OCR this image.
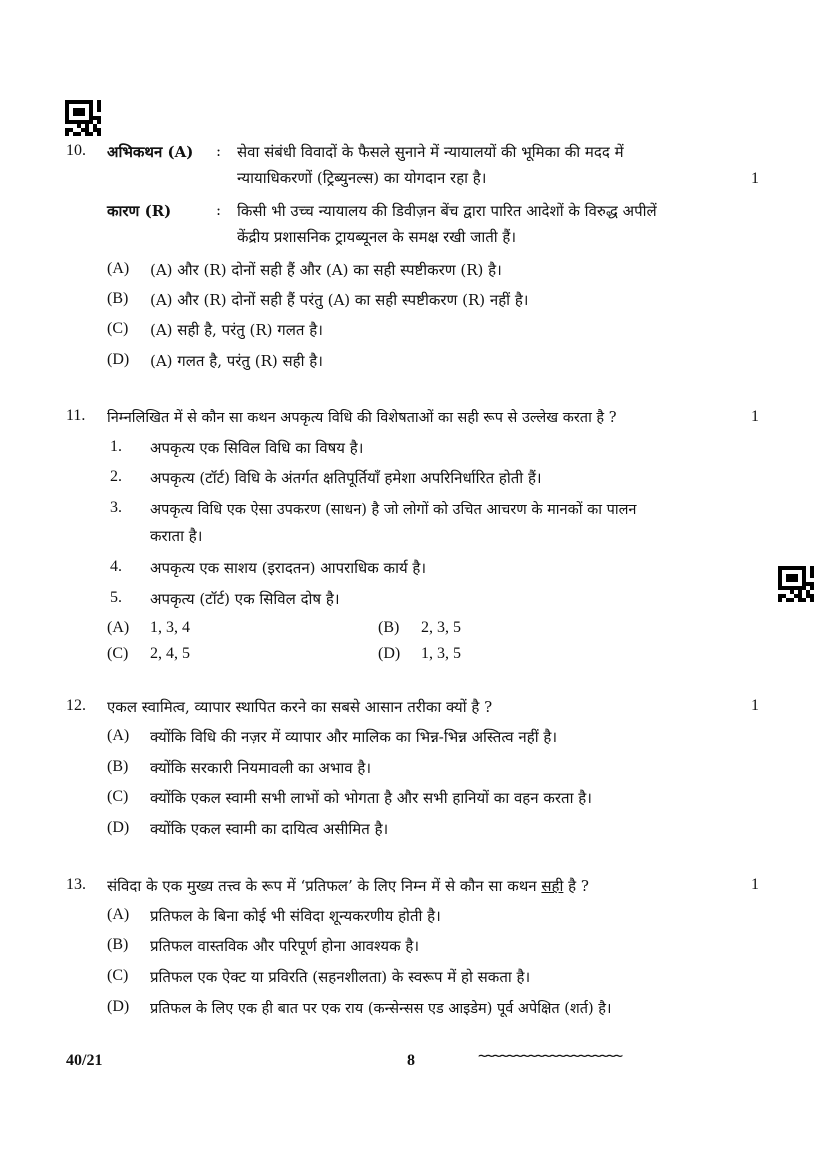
10. अभिकथन (A) : सेवा संबंधी विवादों के फैसले सुनाने में न्यायालयों की भूमिका की मदद में
न्यायाधिकरणों (ट्रिब्युनल्स) का योगदान रहा है।	1
कारण (R)	: किसी भी उच्च न्यायालय की डिवीज़न बेंच द्वारा पारित आदेशों के विरुद्ध अपीलें
केंद्रीय प्रशासनिक ट्रायब्यूनल के समक्ष रखी जाती हैं।
(A) (A) और (R) दोनों सही हैं और (A) का सही स्पष्टीकरण (R) है।
(B) (A) और (R) दोनों सही हैं परंतु (A) का सही स्पष्टीकरण (R) नहीं है।
(C) (A) सही है, परंतु (R) गलत है।
(D) (A) गलत है, परंतु (R) सही है।
11. निम्नलिखित में से कौन सा कथन अपकृत्य विधि की विशेषताओं का सही रूप से उल्लेख करता है ?	1
1. अपकृत्य एक सिविल विधि का विषय है।
2. अपकृत्य (टॉर्ट) विधि के अंतर्गत क्षतिपूर्तियाँ हमेशा अपरिनिर्धारित होती हैं।
3. अपकृत्य विधि एक ऐसा उपकरण (साधन) है जो लोगों को उचित आचरण के मानकों का पालन
कराता है।
4. अपकृत्य एक साशय (इरादतन) आपराधिक कार्य है।
5. अपकृत्य (टॉर्ट) एक सिविल दोष है।
(A) 1, 3, 4	(B) 2, 3, 5
(C) 2, 4, 5	(D) 1, 3, 5
12. एकल स्वामित्व, व्यापार स्थापित करने का सबसे आसान तरीका क्यों है ?	1
(A) क्योंकि विधि की नज़र में व्यापार और मालिक का भिन्न-भिन्न अस्तित्व नहीं है।
(B) क्योंकि सरकारी नियमावली का अभाव है।
(C) क्योंकि एकल स्वामी सभी लाभों को भोगता है और सभी हानियों का वहन करता है।
(D) क्योंकि एकल स्वामी का दायित्व असीमित है।
13. संविदा के एक मुख्य तत्त्व के रूप में ‘प्रतिफल’ के लिए निम्न में से कौन सा कथन सही है ?	1
(A) प्रतिफल के बिना कोई भी संविदा शून्यकरणीय होती है।
(B) प्रतिफल वास्तविक और परिपूर्ण होना आवश्यक है।
(C) प्रतिफल एक ऐक्ट या प्रविरति (सहनशीलता) के स्वरूप में हो सकता है।
(D) प्रतिफल के लिए एक ही बात पर एक राय (कन्सेन्सस एड आइडेम) पूर्व अपेक्षित (शर्त) है।
40/21	8	~~~~~~~~~~~~~~~~~~~~
